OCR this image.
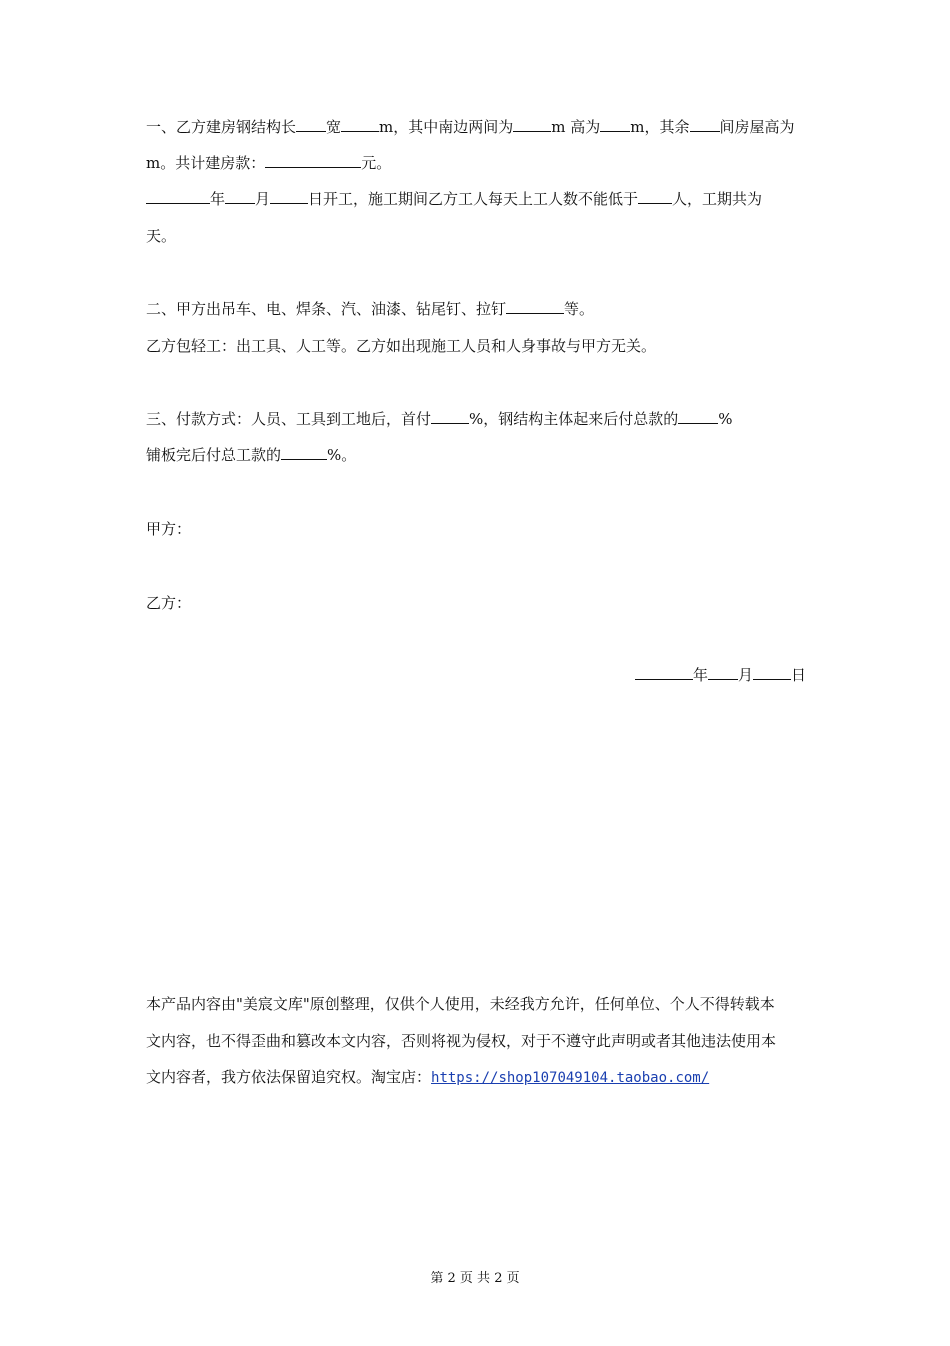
一、乙方建房钢结构长 宽	m，其中南边两间为	m 高为 m，其余 间房屋高为
m。共计建房款：	元。
年 月	日开工，施工期间乙方工人每天上工人数不能低于 人，工期共为
天。
二、甲方出吊车、电、焊条、汽、油漆、钻尾钉、拉钉	等。
乙方包轻工：出工具、人工等。乙方如出现施工人员和人身事故与甲方无关。
三、付款方式：人员、工具到工地后，首付	%，钢结构主体起来后付总款的	%
铺板完后付总工款的	%。
甲方：
乙方：
年 月	日
本产品内容由"美宸文库"原创整理，仅供个人使用，未经我方允许，任何单位、个人不得转载本
文内容，也不得歪曲和篡改本文内容，否则将视为侵权，对于不遵守此声明或者其他违法使用本
文内容者，我方依法保留追究权。淘宝店：https://shop107049104.taobao.com/
第 2 页 共 2 页
